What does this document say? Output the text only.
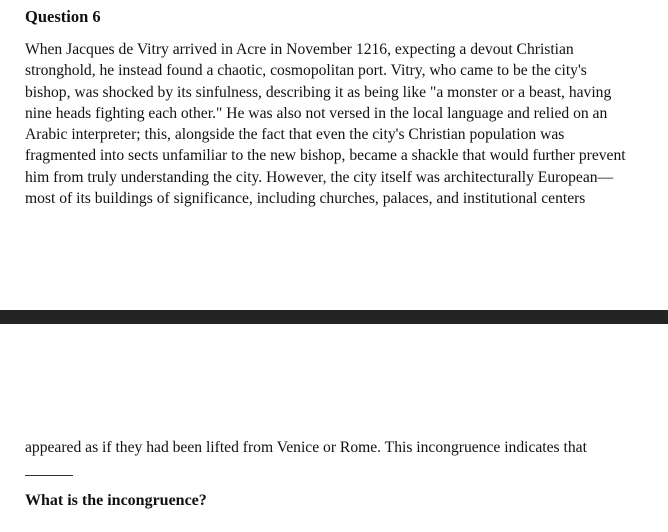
Question 6

When Jacques de Vitry arrived in Acre in November 1216, expecting a devout Christian
stronghold, he instead found a chaotic, cosmopolitan port. Vitry, who came to be the city's
bishop, was shocked by its sinfulness, describing it as being like "a monster or a beast, having
nine heads fighting each other." He was also not versed in the local language and relied on an
Arabic interpreter; this, alongside the fact that even the city's Christian population was
fragmented into sects unfamiliar to the new bishop, became a shackle that would further prevent
him from truly understanding the city. However, the city itself was architecturally European—
most of its buildings of significance, including churches, palaces, and institutional centers

appeared as if they had been lifted from Venice or Rome. This incongruence indicates that

What is the incongruence?
